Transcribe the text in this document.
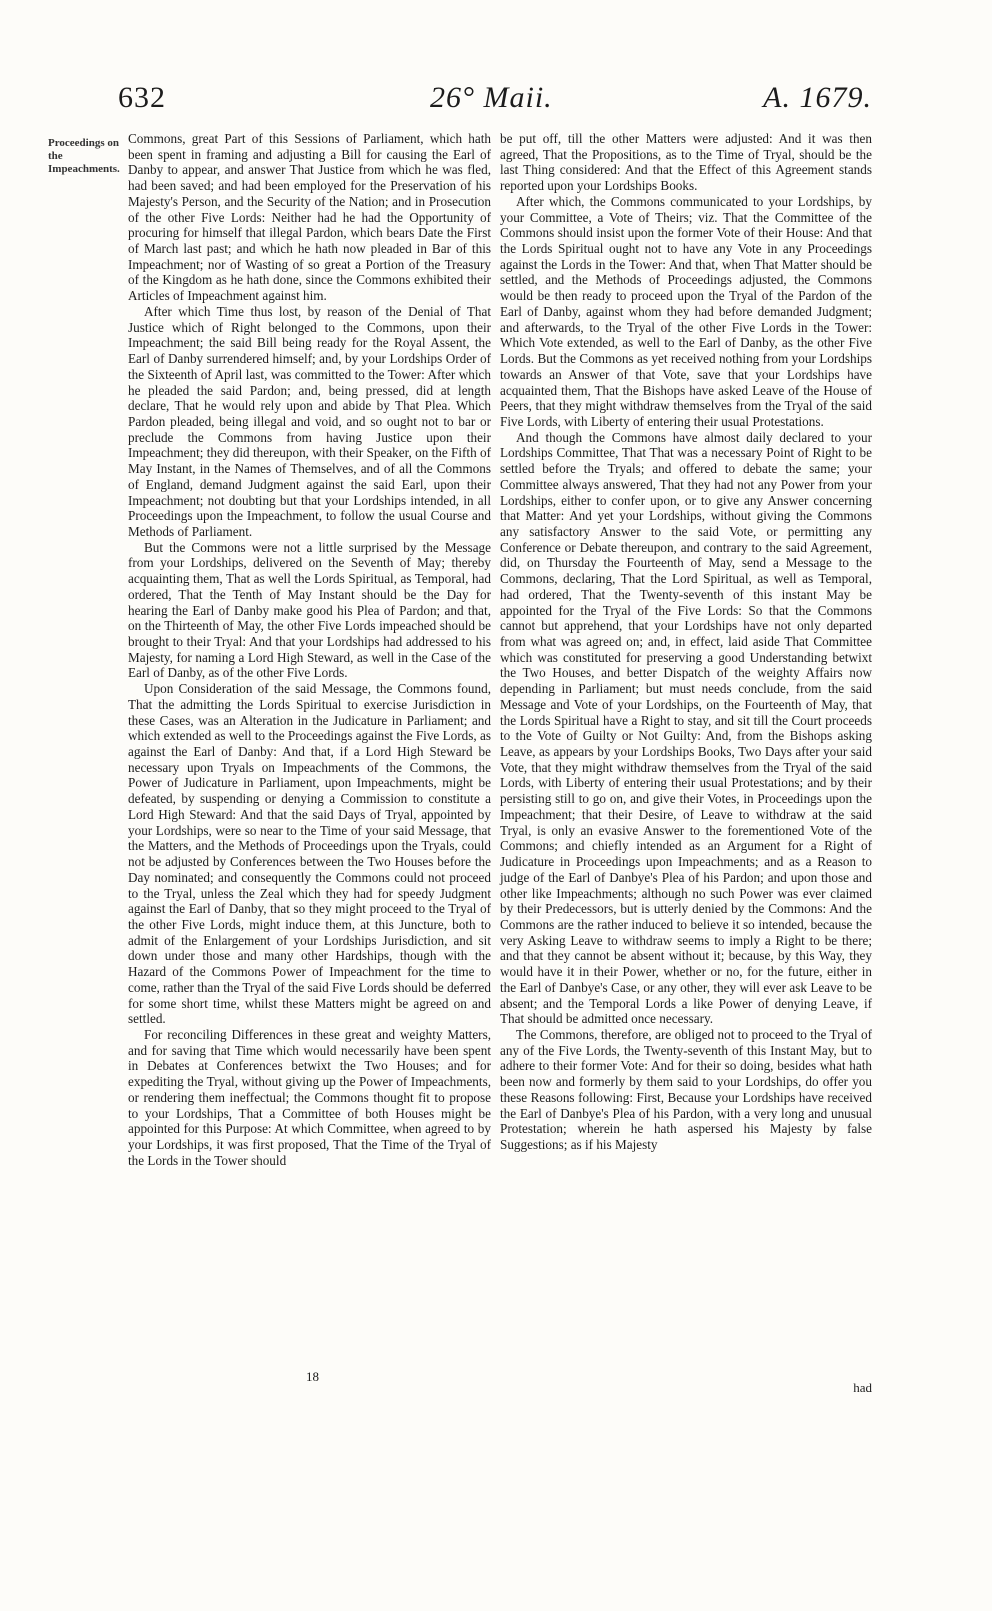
632	26° Maii.	A. 1679.
Proceedings on the Impeachments.

Commons, great Part of this Sessions of Parliament, which hath been spent in framing and adjusting a Bill for causing the Earl of Danby to appear, and answer That Justice from which he was fled, had been saved; and had been employed for the Preservation of his Majesty's Person, and the Security of the Nation; and in Prosecution of the other Five Lords: Neither had he had the Opportunity of procuring for himself that illegal Pardon, which bears Date the First of March last past; and which he hath now pleaded in Bar of this Impeachment; nor of Wasting of so great a Portion of the Treasury of the Kingdom as he hath done, since the Commons exhibited their Articles of Impeachment against him.

After which Time thus lost, by reason of the Denial of That Justice which of Right belonged to the Commons, upon their Impeachment; the said Bill being ready for the Royal Assent, the Earl of Danby surrendered himself; and, by your Lordships Order of the Sixteenth of April last, was committed to the Tower: After which he pleaded the said Pardon; and, being pressed, did at length declare, That he would rely upon and abide by That Plea. Which Pardon pleaded, being illegal and void, and so ought not to bar or preclude the Commons from having Justice upon their Impeachment; they did thereupon, with their Speaker, on the Fifth of May Instant, in the Names of Themselves, and of all the Commons of England, demand Judgment against the said Earl, upon their Impeachment; not doubting but that your Lordships intended, in all Proceedings upon the Impeachment, to follow the usual Course and Methods of Parliament.

But the Commons were not a little surprised by the Message from your Lordships, delivered on the Seventh of May; thereby acquainting them, That as well the Lords Spiritual, as Temporal, had ordered, That the Tenth of May Instant should be the Day for hearing the Earl of Danby make good his Plea of Pardon; and that, on the Thirteenth of May, the other Five Lords impeached should be brought to their Tryal: And that your Lordships had addressed to his Majesty, for naming a Lord High Steward, as well in the Case of the Earl of Danby, as of the other Five Lords.

Upon Consideration of the said Message, the Commons found, That the admitting the Lords Spiritual to exercise Jurisdiction in these Cases, was an Alteration in the Judicature in Parliament; and which extended as well to the Proceedings against the Five Lords, as against the Earl of Danby: And that, if a Lord High Steward be necessary upon Tryals on Impeachments of the Commons, the Power of Judicature in Parliament, upon Impeachments, might be defeated, by suspending or denying a Commission to constitute a Lord High Steward: And that the said Days of Tryal, appointed by your Lordships, were so near to the Time of your said Message, that the Matters, and the Methods of Proceedings upon the Tryals, could not be adjusted by Conferences between the Two Houses before the Day nominated; and consequently the Commons could not proceed to the Tryal, unless the Zeal which they had for speedy Judgment against the Earl of Danby, that so they might proceed to the Tryal of the other Five Lords, might induce them, at this Juncture, both to admit of the Enlargement of your Lordships Jurisdiction, and sit down under those and many other Hardships, though with the Hazard of the Commons Power of Impeachment for the time to come, rather than the Tryal of the said Five Lords should be deferred for some short time, whilst these Matters might be agreed on and settled.

For reconciling Differences in these great and weighty Matters, and for saving that Time which would necessarily have been spent in Debates at Conferences betwixt the Two Houses; and for expediting the Tryal, without giving up the Power of Impeachments, or rendering them ineffectual; the Commons thought fit to propose to your Lordships, That a Committee of both Houses might be appointed for this Purpose: At which Committee, when agreed to by your Lordships, it was first proposed, That the Time of the Tryal of the Lords in the Tower should

be put off, till the other Matters were adjusted: And it was then agreed, That the Propositions, as to the Time of Tryal, should be the last Thing considered: And that the Effect of this Agreement stands reported upon your Lordships Books.

After which, the Commons communicated to your Lordships, by your Committee, a Vote of Theirs; viz. That the Committee of the Commons should insist upon the former Vote of their House: And that the Lords Spiritual ought not to have any Vote in any Proceedings against the Lords in the Tower: And that, when That Matter should be settled, and the Methods of Proceedings adjusted, the Commons would be then ready to proceed upon the Tryal of the Pardon of the Earl of Danby, against whom they had before demanded Judgment; and afterwards, to the Tryal of the other Five Lords in the Tower: Which Vote extended, as well to the Earl of Danby, as the other Five Lords. But the Commons as yet received nothing from your Lordships towards an Answer of that Vote, save that your Lordships have acquainted them, That the Bishops have asked Leave of the House of Peers, that they might withdraw themselves from the Tryal of the said Five Lords, with Liberty of entering their usual Protestations.

And though the Commons have almost daily declared to your Lordships Committee, That That was a necessary Point of Right to be settled before the Tryals; and offered to debate the same; your Committee always answered, That they had not any Power from your Lordships, either to confer upon, or to give any Answer concerning that Matter: And yet your Lordships, without giving the Commons any satisfactory Answer to the said Vote, or permitting any Conference or Debate thereupon, and contrary to the said Agreement, did, on Thursday the Fourteenth of May, send a Message to the Commons, declaring, That the Lord Spiritual, as well as Temporal, had ordered, That the Twenty-seventh of this instant May be appointed for the Tryal of the Five Lords: So that the Commons cannot but apprehend, that your Lordships have not only departed from what was agreed on; and, in effect, laid aside That Committee which was constituted for preserving a good Understanding betwixt the Two Houses, and better Dispatch of the weighty Affairs now depending in Parliament; but must needs conclude, from the said Message and Vote of your Lordships, on the Fourteenth of May, that the Lords Spiritual have a Right to stay, and sit till the Court proceeds to the Vote of Guilty or Not Guilty: And, from the Bishops asking Leave, as appears by your Lordships Books, Two Days after your said Vote, that they might withdraw themselves from the Tryal of the said Lords, with Liberty of entering their usual Protestations; and by their persisting still to go on, and give their Votes, in Proceedings upon the Impeachment; that their Desire, of Leave to withdraw at the said Tryal, is only an evasive Answer to the forementioned Vote of the Commons; and chiefly intended as an Argument for a Right of Judicature in Proceedings upon Impeachments; and as a Reason to judge of the Earl of Danbye's Plea of his Pardon; and upon those and other like Impeachments; although no such Power was ever claimed by their Predecessors, but is utterly denied by the Commons: And the Commons are the rather induced to believe it so intended, because the very Asking Leave to withdraw seems to imply a Right to be there; and that they cannot be absent without it; because, by this Way, they would have it in their Power, whether or no, for the future, either in the Earl of Danbye's Case, or any other, they will ever ask Leave to be absent; and the Temporal Lords a like Power of denying Leave, if That should be admitted once necessary.

The Commons, therefore, are obliged not to proceed to the Tryal of any of the Five Lords, the Twenty-seventh of this Instant May, but to adhere to their former Vote: And for their so doing, besides what hath been now and formerly by them said to your Lordships, do offer you these Reasons following: First, Because your Lordships have received the Earl of Danbye's Plea of his Pardon, with a very long and unusual Protestation; wherein he hath aspersed his Majesty by false Suggestions; as if his Majesty

18
had
